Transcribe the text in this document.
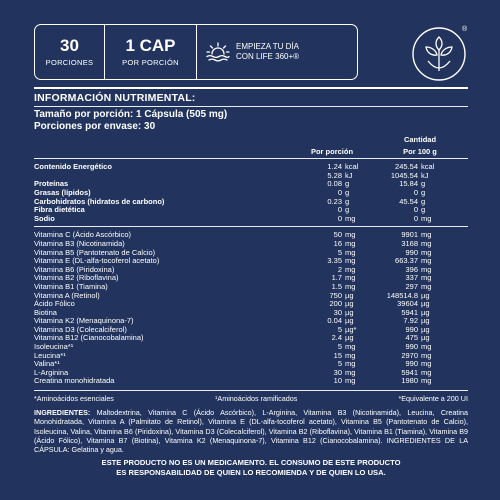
30
PORCIONES
1 CAP
POR PORCIÓN
EMPIEZA TU DÍA
CON LIFE 360+®
®
INFORMACIÓN NUTRIMENTAL:
Tamaño por porción: 1 Cápsula (505 mg)
Porciones por envase: 30
			Cantidad	
	Por porción		Por 100 g	

Contenido Energético	1.24	kcal	245.54	kcal
	5.28	kJ	1045.54	kJ
Proteínas	0.08	g	15.84	g
Grasas (lípidos)	0	g	0	g
Carbohidratos (hidratos de carbono)	0.23	g	45.54	g
Fibra dietética	0	g	0	g
Sodio	0	mg	0	mg

Vitamina C (Ácido Ascórbico)	50	mg	9901	mg
Vitamina B3 (Nicotinamida)	16	mg	3168	mg
Vitamina B5 (Pantotenato de Calcio)	5	mg	990	mg
Vitamina E (DL-alfa-tocoferol acetato)	3.35	mg	663.37	mg
Vitamina B6 (Piridoxina)	2	mg	396	mg
Vitamina B2 (Riboflavina)	1.7	mg	337	mg
Vitamina B1 (Tiamina)	1.5	mg	297	mg
Vitamina A (Retinol)	750	µg	148514.8	µg
Ácido Fólico	200	µg	39604	µg
Biotina	30	µg	5941	µg
Vitamina K2 (Menaquinona-7)	0.04	µg	7.92	µg
Vitamina D3 (Colecalciferol)	5	µg*	990	µg
Vitamina B12 (Cianocobalamina)	2.4	µg	475	µg
Isoleucina*¹	5	mg	990	mg
Leucina*¹	15	mg	2970	mg
Valina*¹	5	mg	990	mg
L-Arginina	30	mg	5941	mg
Creatina monohidratada	10	mg	1980	mg
*Aminoácidos esenciales	¹Aminoácidos ramificados	*Equivalente a 200 UI
INGREDIENTES: Maltodextrina, Vitamina C (Ácido Ascórbico), L-Arginina, Vitamina B3 (Nicotinamida), Leucina, Creatina Monohidratada, Vitamina A (Palmitato de Retinol), Vitamina E (DL-alfa-tocoferol acetato), Vitamina B5 (Pantotenato de Calcio), Isoleucina, Valina, Vitamina B6 (Piridoxina), Vitamina D3 (Colecalciferol), Vitamina B2 (Riboflavina), Vitamina B1 (Tiamina), Vitamina B9 (Ácido Fólico), Vitamina B7 (Biotina), Vitamina K2 (Menaquinona-7), Vitamina B12 (Cianocobalamina). INGREDIENTES DE LA CÁPSULA: Gelatina y agua.
ESTE PRODUCTO NO ES UN MEDICAMENTO. EL CONSUMO DE ESTE PRODUCTO
ES RESPONSABILIDAD DE QUIEN LO RECOMIENDA Y DE QUIEN LO USA.
